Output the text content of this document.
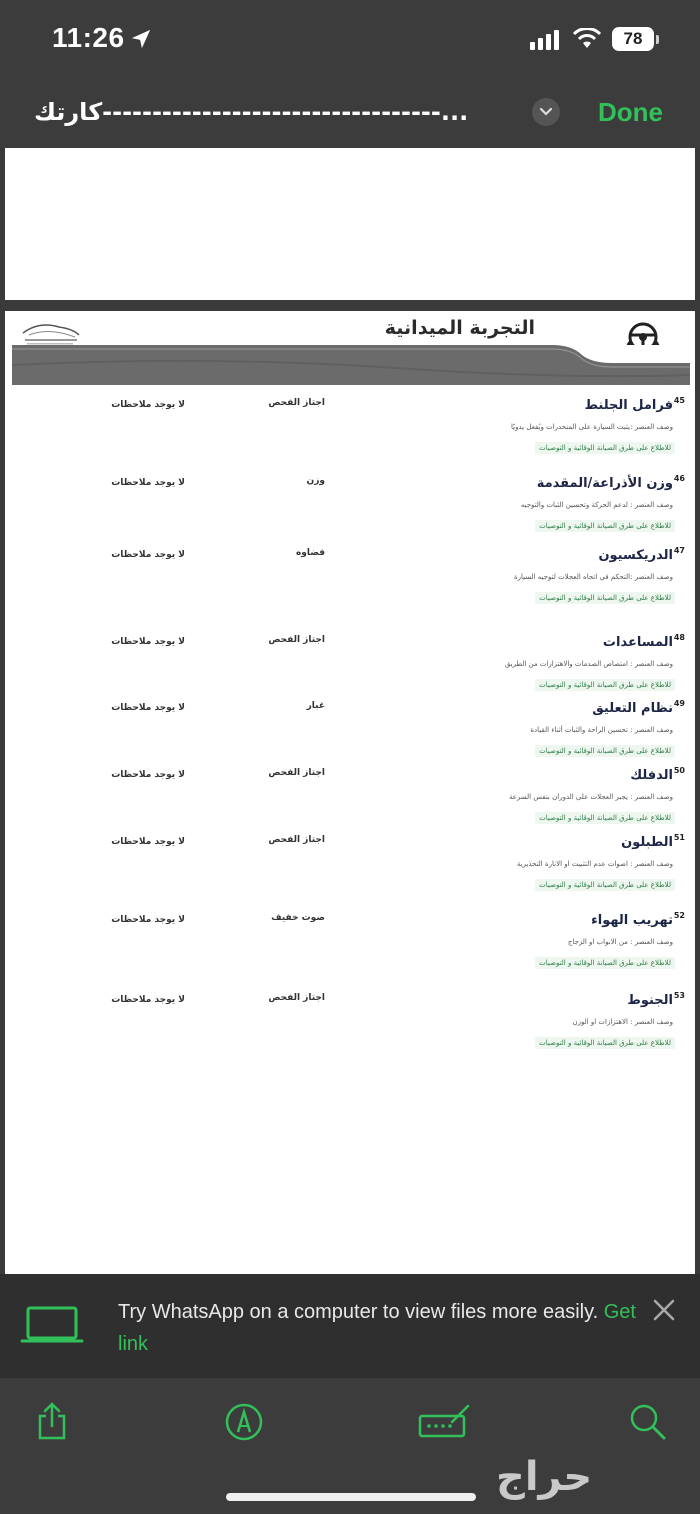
11:26	78
كارتك----------------------------------...	Done
التجربة الميدانية
45
فرامل الجلنط
وصف العنصر :يثبت السيارة على المنحدرات ويُفعل يدويًا
للاطلاع على طرق الصيانة الوقائية و التوصيات
اجتاز الفحص
لا يوجد ملاحظات
46
وزن الأذراعة/المقدمة
وصف العنصر : لدعم الحركة وتحسين الثبات والتوجيه
للاطلاع على طرق الصيانة الوقائية و التوصيات
وزن
لا يوجد ملاحظات
47
الدريكسيون
وصف العنصر :التحكم في اتجاه العجلات لتوجيه السيارة
للاطلاع على طرق الصيانة الوقائية و التوصيات
فضاوه
لا يوجد ملاحظات
48
المساعدات
وصف العنصر : امتصاص الصدمات والاهتزازات من الطريق
للاطلاع على طرق الصيانة الوقائية و التوصيات
اجتاز الفحص
لا يوجد ملاحظات
49
نظام التعليق
وصف العنصر : تحسين الراحة والثبات أثناء القيادة
للاطلاع على طرق الصيانة الوقائية و التوصيات
غبار
لا يوجد ملاحظات
50
الدفلك
وصف العنصر : يجبر العجلات على الدوران بنفس السرعة
للاطلاع على طرق الصيانة الوقائية و التوصيات
اجتاز الفحص
لا يوجد ملاحظات
51
الطبلون
وصف العنصر : اصوات عدم التثبيت او الانارة التحذيرية
للاطلاع على طرق الصيانة الوقائية و التوصيات
اجتاز الفحص
لا يوجد ملاحظات
52
تهريب الهواء
وصف العنصر : من الابواب او الزجاج
للاطلاع على طرق الصيانة الوقائية و التوصيات
صوت خفيف
لا يوجد ملاحظات
53
الجنوط
وصف العنصر : الاهتزازات او الوزن
للاطلاع على طرق الصيانة الوقائية و التوصيات
اجتاز الفحص
لا يوجد ملاحظات
Try WhatsApp on a computer to view files more easily. Get link
حراج
